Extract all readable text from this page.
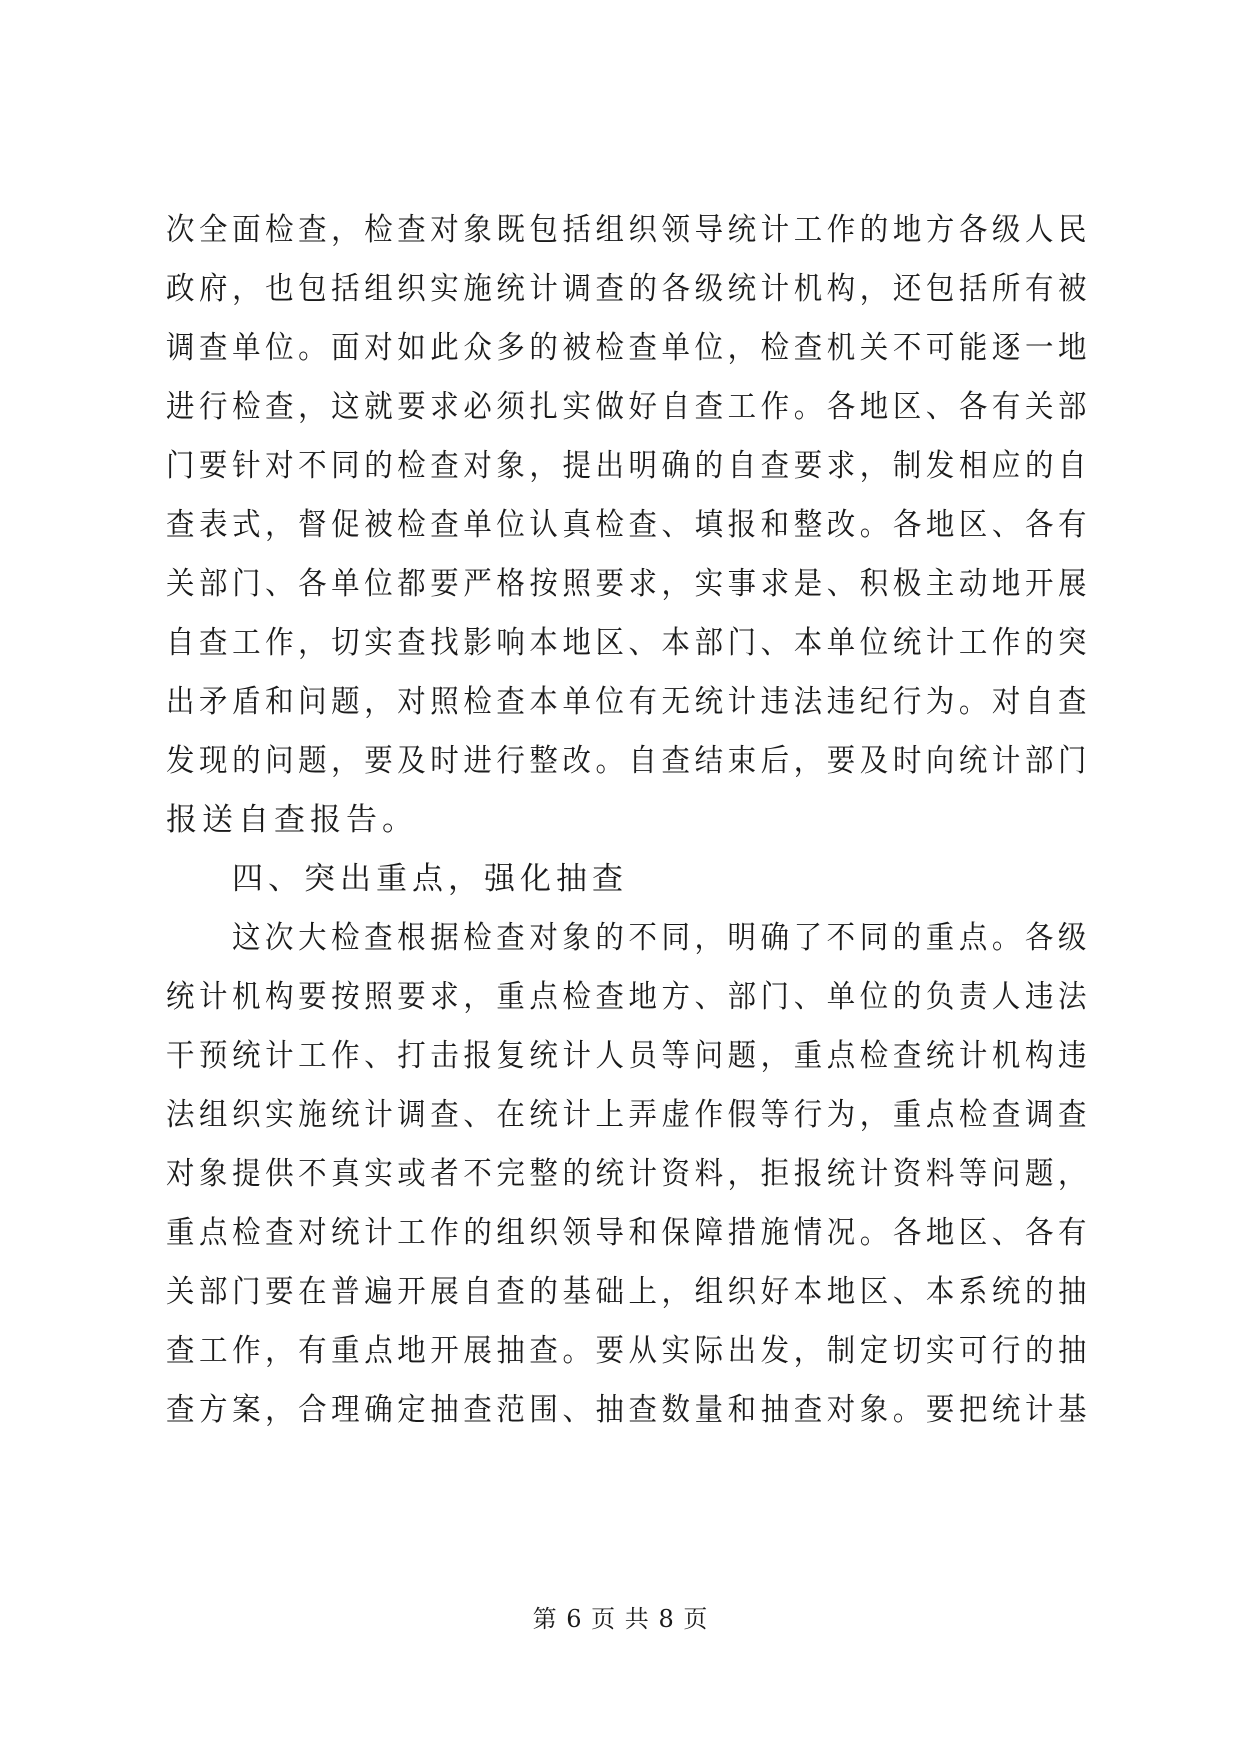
次全面检查，检查对象既包括组织领导统计工作的地方各级人民
政府，也包括组织实施统计调查的各级统计机构，还包括所有被
调查单位。面对如此众多的被检查单位，检查机关不可能逐一地
进行检查，这就要求必须扎实做好自查工作。各地区、各有关部
门要针对不同的检查对象，提出明确的自查要求，制发相应的自
查表式，督促被检查单位认真检查、填报和整改。各地区、各有
关部门、各单位都要严格按照要求，实事求是、积极主动地开展
自查工作，切实查找影响本地区、本部门、本单位统计工作的突
出矛盾和问题，对照检查本单位有无统计违法违纪行为。对自查
发现的问题，要及时进行整改。自查结束后，要及时向统计部门
报送自查报告。
四、突出重点，强化抽查
这次大检查根据检查对象的不同，明确了不同的重点。各级
统计机构要按照要求，重点检查地方、部门、单位的负责人违法
干预统计工作、打击报复统计人员等问题，重点检查统计机构违
法组织实施统计调查、在统计上弄虚作假等行为，重点检查调查
对象提供不真实或者不完整的统计资料，拒报统计资料等问题，
重点检查对统计工作的组织领导和保障措施情况。各地区、各有
关部门要在普遍开展自查的基础上，组织好本地区、本系统的抽
查工作，有重点地开展抽查。要从实际出发，制定切实可行的抽
查方案，合理确定抽查范围、抽查数量和抽查对象。要把统计基
第 6 页 共 8 页
